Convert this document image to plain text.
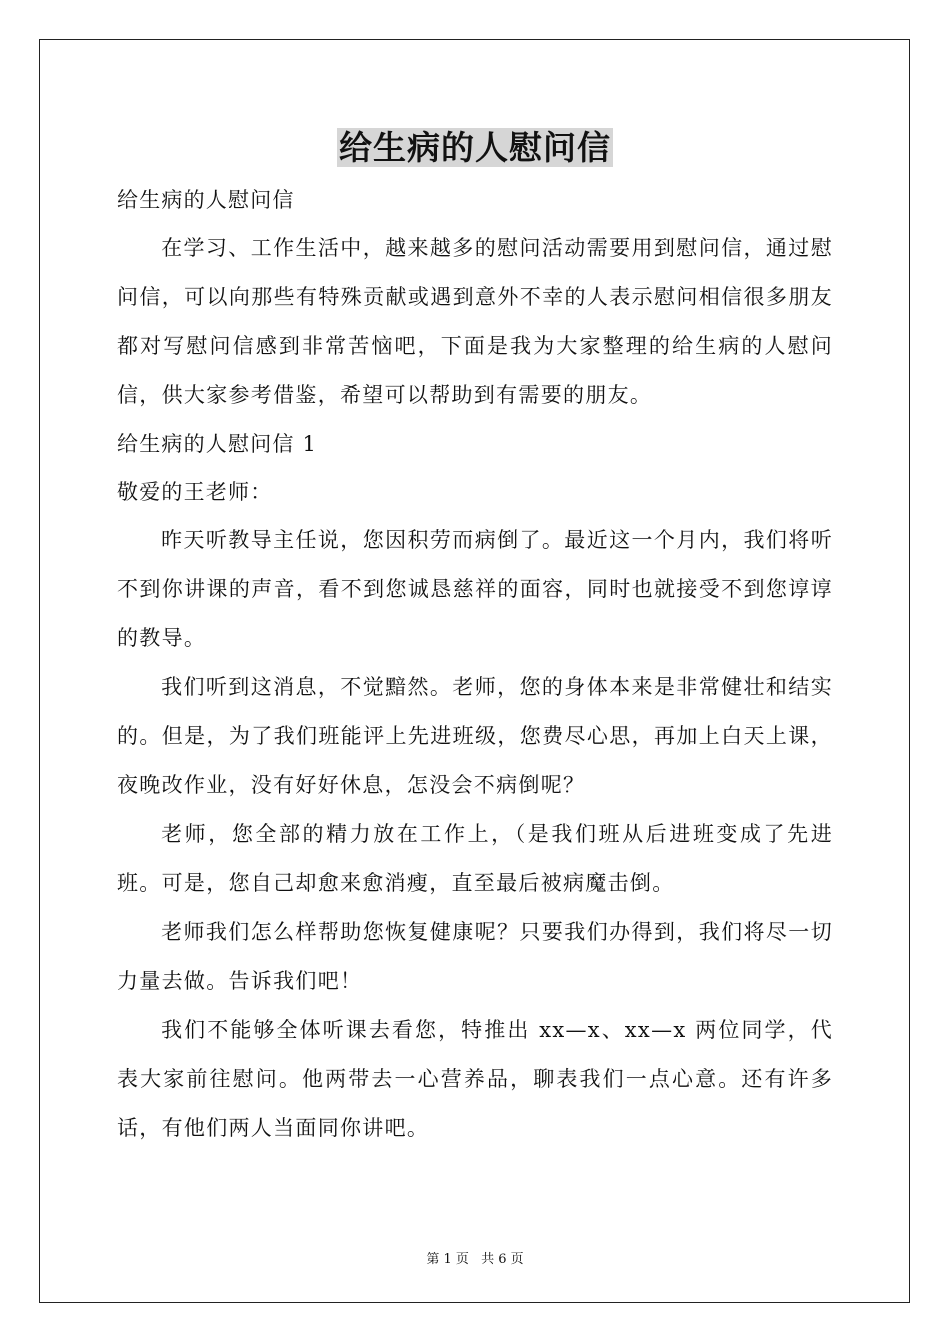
给生病的人慰问信
给生病的人慰问信

在学习、工作生活中，越来越多的慰问活动需要用到慰问信，通过慰问信，可以向那些有特殊贡献或遇到意外不幸的人表示慰问相信很多朋友都对写慰问信感到非常苦恼吧，下面是我为大家整理的给生病的人慰问信，供大家参考借鉴，希望可以帮助到有需要的朋友。

给生病的人慰问信 1
敬爱的王老师：

昨天听教导主任说，您因积劳而病倒了。最近这一个月内，我们将听不到你讲课的声音，看不到您诚恳慈祥的面容，同时也就接受不到您谆谆的教导。

我们听到这消息，不觉黯然。老师，您的身体本来是非常健壮和结实的。但是，为了我们班能评上先进班级，您费尽心思，再加上白天上课，夜晚改作业，没有好好休息，怎没会不病倒呢？

老师，您全部的精力放在工作上，（是我们班从后进班变成了先进班。可是，您自己却愈来愈消瘦，直至最后被病魔击倒。

老师我们怎么样帮助您恢复健康呢？只要我们办得到，我们将尽一切力量去做。告诉我们吧！

我们不能够全体听课去看您，特推出 xx—x、xx—x 两位同学，代表大家前往慰问。他两带去一心营养品，聊表我们一点心意。还有许多话，有他们两人当面同你讲吧。

第 1 页 共 6 页
